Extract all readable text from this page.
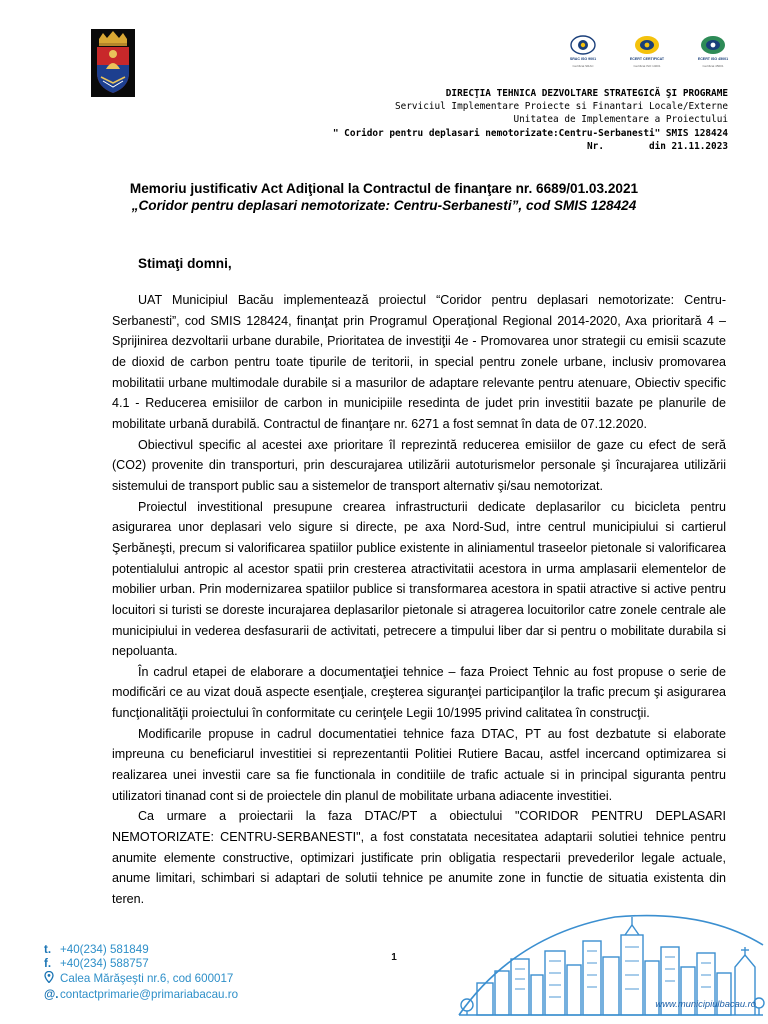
SRAC ISO 9001
Certificat SRAC
ECERT CERTIFICAT
Certificat ISO 14001
ECERT ISO 45001
Certificat 45001
DIRECŢIA TEHNICA DEZVOLTARE STRATEGICĂ ŞI PROGRAME
Serviciul Implementare Proiecte si Finantari Locale/Externe
Unitatea de Implementare a Proiectului
" Coridor pentru deplasari nemotorizate:Centru-Serbanesti" SMIS 128424
Nr.	din 21.11.2023
Memoriu justificativ Act Adiţional la Contractul de finanţare nr. 6689/01.03.2021
„Coridor pentru deplasari nemotorizate: Centru-Serbanesti”, cod SMIS 128424
Stimaţi domni,

UAT Municipiul Bacău implementează proiectul “Coridor pentru deplasari nemotorizate: Centru-Serbanesti”, cod SMIS 128424, finanţat prin Programul Operaţional Regional 2014-2020, Axa prioritară 4 – Sprijinirea dezvoltarii urbane durabile, Prioritatea de investiţii 4e - Promovarea unor strategii cu emisii scazute de dioxid de carbon pentru toate tipurile de teritorii, in special pentru zonele urbane, inclusiv promovarea mobilitatii urbane multimodale durabile si a masurilor de adaptare relevante pentru atenuare, Obiectiv specific 4.1 - Reducerea emisiilor de carbon in municipiile resedinta de judet prin investitii bazate pe planurile de mobilitate urbană durabilă. Contractul de finanţare nr. 6271 a fost semnat în data de 07.12.2020.

Obiectivul specific al acestei axe prioritare îl reprezintă reducerea emisiilor de gaze cu efect de seră (CO2) provenite din transporturi, prin descurajarea utilizării autoturismelor personale şi încurajarea utilizării sistemului de transport public sau a sistemelor de transport alternativ şi/sau nemotorizat.

Proiectul investitional presupune crearea infrastructurii dedicate deplasarilor cu bicicleta pentru asigurarea unor deplasari velo sigure si directe, pe axa Nord-Sud, intre centrul municipiului si cartierul Şerbăneşti, precum si valorificarea spatiilor publice existente in aliniamentul traseelor pietonale si valorificarea potentialului antropic al acestor spatii prin cresterea atractivitatii acestora in urma amplasarii elementelor de mobilier urban. Prin modernizarea spatiilor publice si transformarea acestora in spatii atractive si active pentru locuitori si turisti se doreste incurajarea deplasarilor pietonale si atragerea locuitorilor catre zonele centrale ale municipiului in vederea desfasurarii de activitati, petrecere a timpului liber dar si pentru o mobilitate durabila si nepoluanta.

În cadrul etapei de elaborare a documentaţiei tehnice – faza Proiect Tehnic au fost propuse o serie de modificări ce au vizat două aspecte esenţiale, creşterea siguranţei participanţilor la trafic precum şi asigurarea funcţionalităţii proiectului în conformitate cu cerinţele Legii 10/1995 privind calitatea în construcţii.

Modificarile propuse in cadrul documentatiei tehnice faza DTAC, PT au fost dezbatute si elaborate impreuna cu beneficiarul investitiei si reprezentantii Politiei Rutiere Bacau, astfel incercand optimizarea si realizarea unei investii care sa fie functionala in conditiile de trafic actuale si in principal siguranta pentru utilizatori tinanad cont si de proiectele din planul de mobilitate urbana adiacente investitiei.

Ca urmare a proiectarii la faza DTAC/PT a obiectului "CORIDOR PENTRU DEPLASARI NEMOTORIZATE: CENTRU-SERBANESTI", a fost constatata necesitatea adaptarii solutiei tehnice pentru anumite elemente constructive, optimizari justificate prin obligatia respectarii prevederilor legale actuale, anume limitari, schimbari si adaptari de solutii tehnice pe anumite zone in functie de situatia existenta din teren.

t. +40(234) 581849
f. +40(234) 588757
Calea Mărăşeşti nr.6, cod 600017
@. contactprimarie@primariabacau.ro
1
www.municipiulbacau.ro
